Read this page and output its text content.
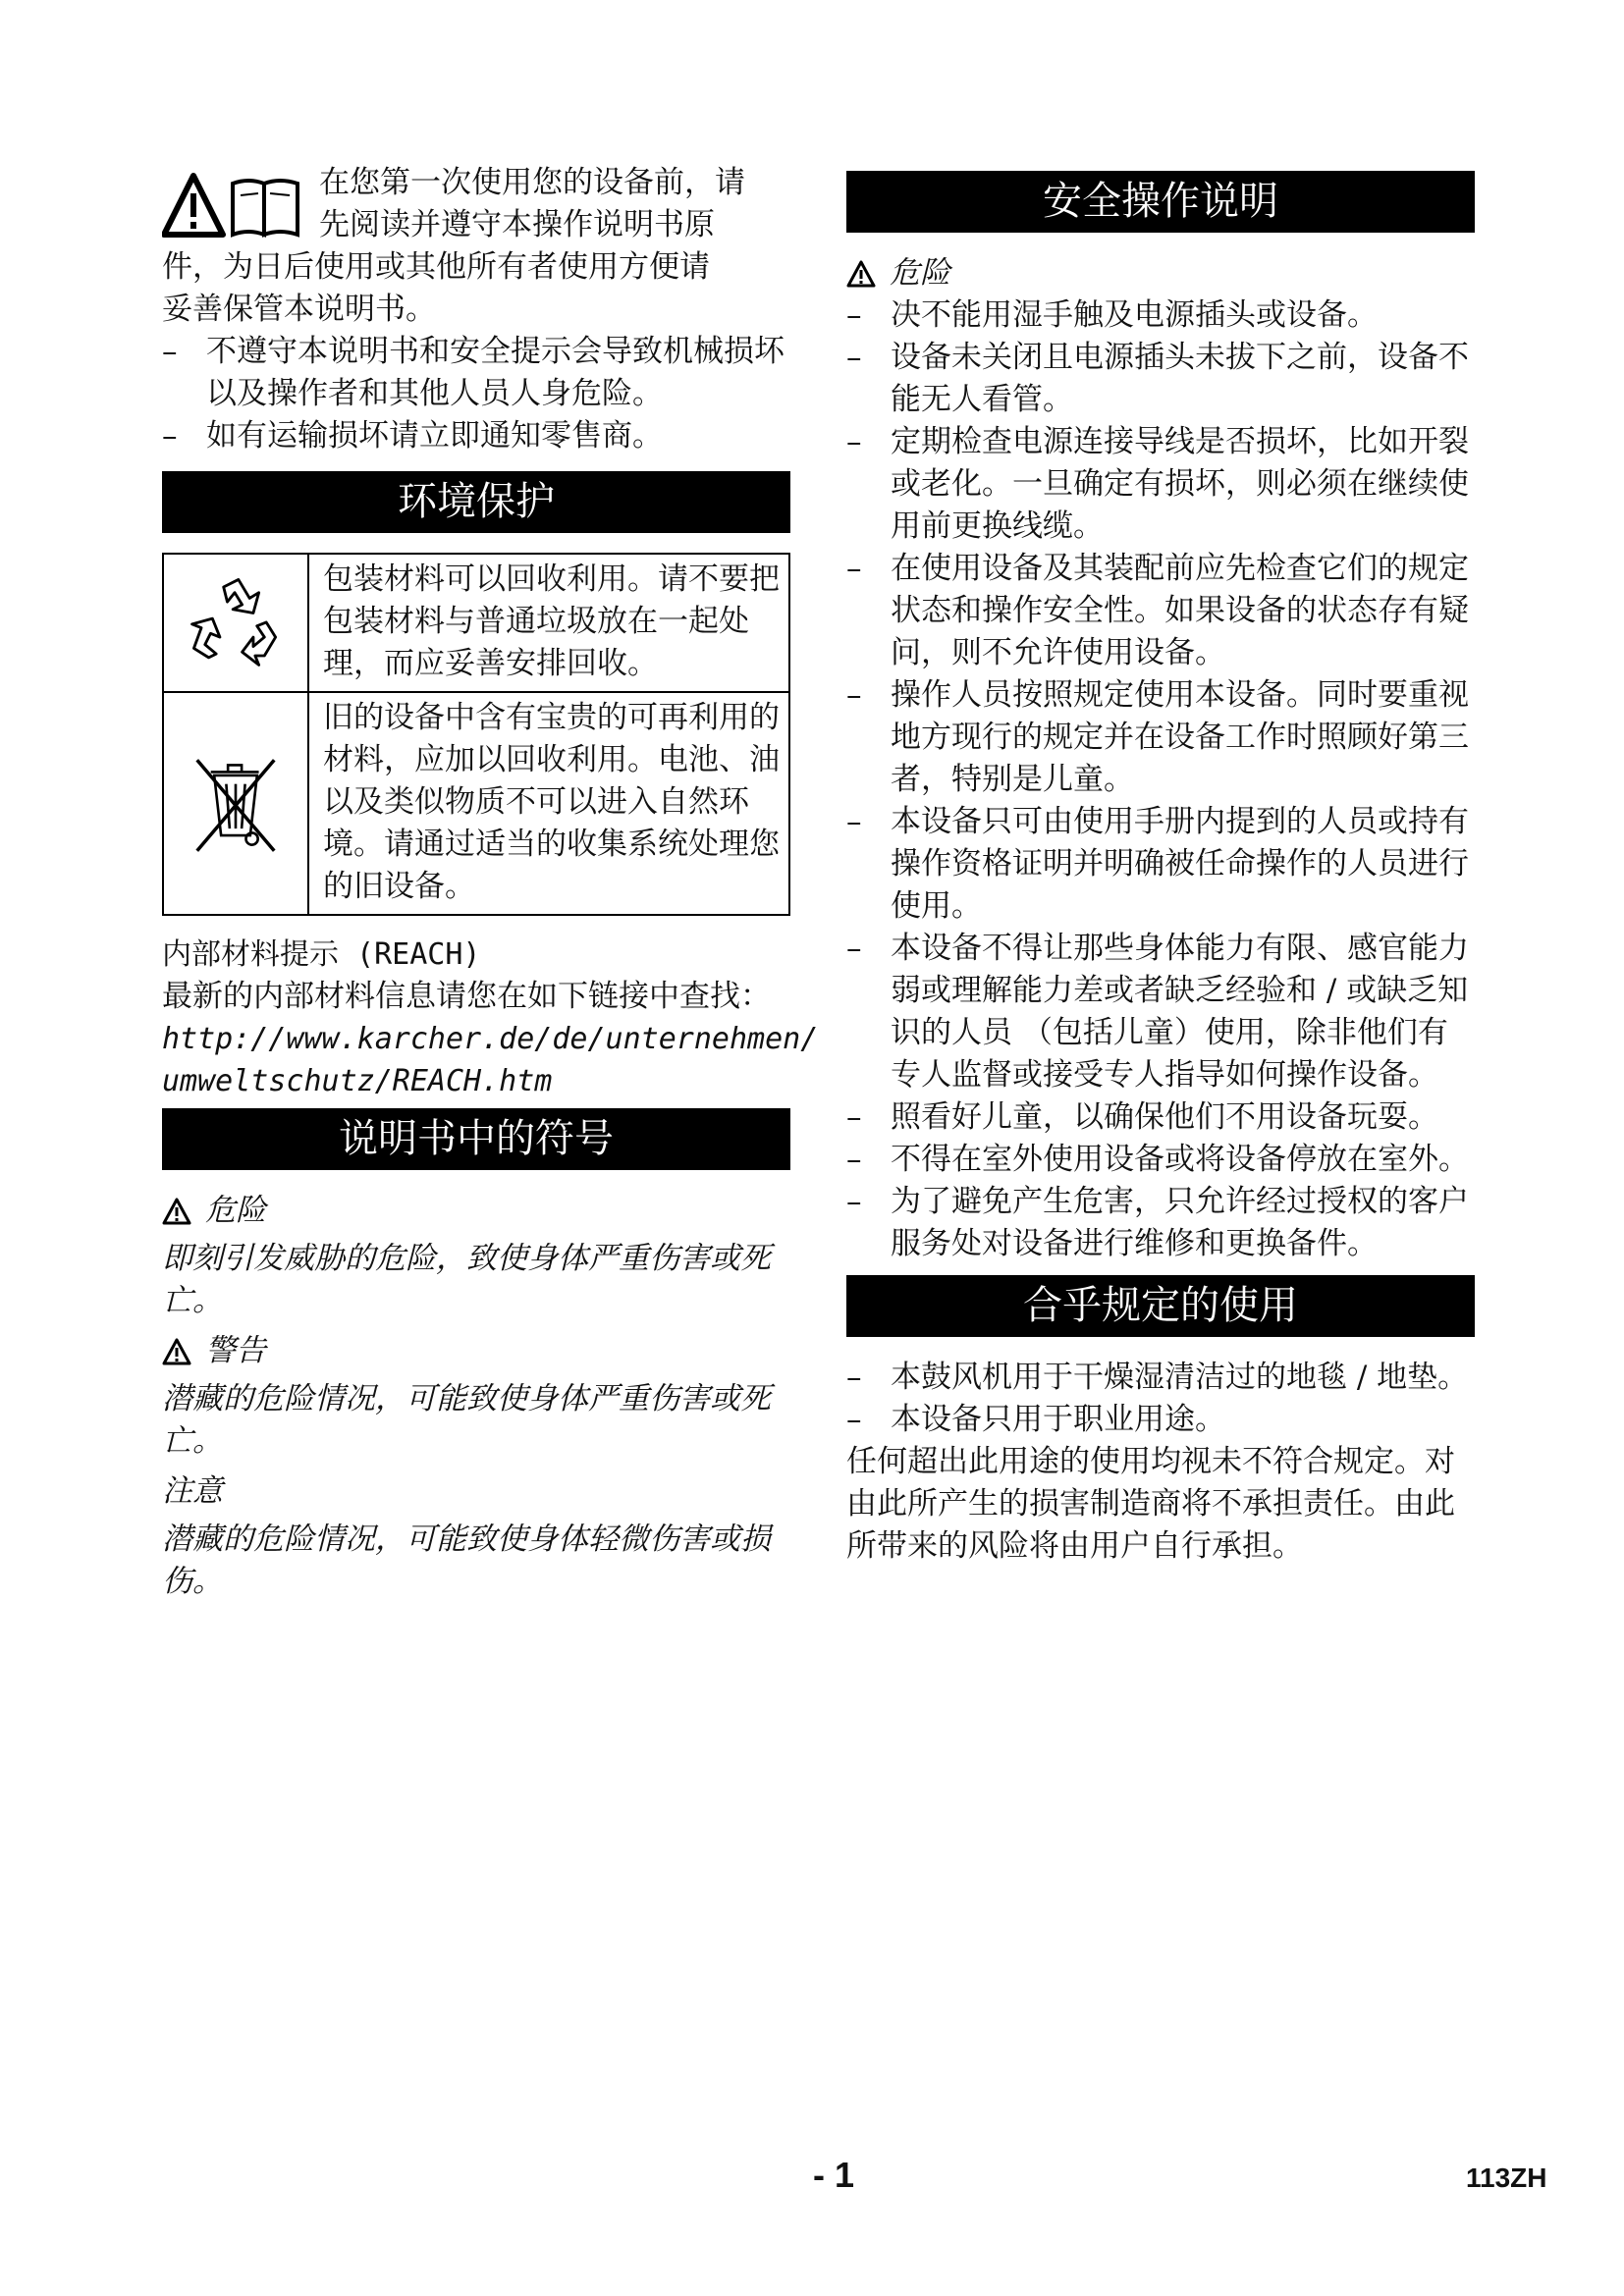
在您第一次使用您的设备前，请

先阅读并遵守本操作说明书原

件，为日后使用或其他所有者使用方便请

妥善保管本说明书。

– 不遵守本说明书和安全提示会导致机械损坏以及操作者和其他人员人身危险。
– 如有运输损坏请立即通知零售商。
环境保护
	包装材料可以回收利用。请不要把包装材料与普通垃圾放在一起处理，而应妥善安排回收。
	旧的设备中含有宝贵的可再利用的材料，应加以回收利用。电池、油以及类似物质不可以进入自然环境。请通过适当的收集系统处理您的旧设备。

内部材料提示 (REACH)

最新的内部材料信息请您在如下链接中查找：

http://www.karcher.de/de/unternehmen/

umweltschutz/REACH.htm

说明书中的符号
危险

即刻引发威胁的危险，致使身体严重伤害或死亡。

警告

潜藏的危险情况，可能致使身体严重伤害或死亡。

注意

潜藏的危险情况，可能致使身体轻微伤害或损伤。

安全操作说明
危险
– 决不能用湿手触及电源插头或设备。
– 设备未关闭且电源插头未拔下之前，设备不能无人看管。
– 定期检查电源连接导线是否损坏，比如开裂或老化。一旦确定有损坏，则必须在继续使用前更换线缆。
– 在使用设备及其装配前应先检查它们的规定状态和操作安全性。如果设备的状态存有疑问，则不允许使用设备。
– 操作人员按照规定使用本设备。同时要重视地方现行的规定并在设备工作时照顾好第三者，特别是儿童。
– 本设备只可由使用手册内提到的人员或持有操作资格证明并明确被任命操作的人员进行使用。
– 本设备不得让那些身体能力有限、感官能力弱或理解能力差或者缺乏经验和 / 或缺乏知识的人员 （包括儿童）使用，除非他们有专人监督或接受专人指导如何操作设备。
– 照看好儿童，以确保他们不用设备玩耍。
– 不得在室外使用设备或将设备停放在室外。
– 为了避免产生危害，只允许经过授权的客户服务处对设备进行维修和更换备件。
合乎规定的使用
– 本鼓风机用于干燥湿清洁过的地毯 / 地垫。
– 本设备只用于职业用途。

任何超出此用途的使用均视未不符合规定。对由此所产生的损害制造商将不承担责任。由此所带来的风险将由用户自行承担。

- 1	113ZH
